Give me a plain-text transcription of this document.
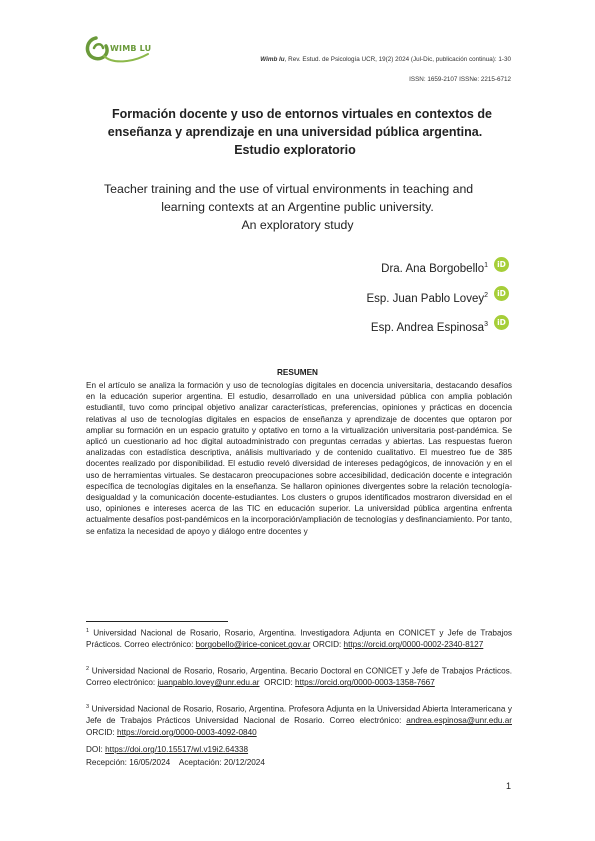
WIMB LU
Wimb lu, Rev. Estud. de Psicología UCR, 19(2) 2024 (Jul-Dic, publicación continua): 1-30
ISSN: 1659-2107 ISSNe: 2215-6712
Formación docente y uso de entornos virtuales en contextos de
enseñanza y aprendizaje en una universidad pública argentina.
Estudio exploratorio
Teacher training and the use of virtual environments in teaching and
learning contexts at an Argentine public university.
An exploratory study
Dra. Ana Borgobello$^1$	iD
Esp. Juan Pablo Lovey$^2$	iD
Esp. Andrea Espinosa$^3$	iD
RESUMEN

En el artículo se analiza la formación y uso de tecnologías digitales en docencia universitaria, destacando desafíos en la educación superior argentina. El estudio, desarrollado en una universidad pública con amplia población estudiantil, tuvo como principal objetivo analizar características, preferencias, opiniones y prácticas en docencia relativas al uso de tecnologías digitales en espacios de enseñanza y aprendizaje de docentes que optaron por ampliar su formación en un espacio gratuito y optativo en torno a la virtualización universitaria post-pandémica. Se aplicó un cuestionario ad hoc digital autoadministrado con preguntas cerradas y abiertas. Las respuestas fueron analizadas con estadística descriptiva, análisis multivariado y de contenido cualitativo. El muestreo fue de 385 docentes realizado por disponibilidad. El estudio reveló diversidad de intereses pedagógicos, de innovación y en el uso de herramientas virtuales. Se destacaron preocupaciones sobre accesibilidad, dedicación docente e integración específica de tecnologías digitales en la enseñanza. Se hallaron opiniones divergentes sobre la relación tecnología-desigualdad y la comunicación docente-estudiantes. Los clusters o grupos identificados mostraron diversidad en el uso, opiniones e intereses acerca de las TIC en educación superior. La universidad pública argentina enfrenta actualmente desafíos post-pandémicos en la incorporación/ampliación de tecnologías y desfinanciamiento. Por tanto, se enfatiza la necesidad de apoyo y diálogo entre docentes y

$^1$ Universidad Nacional de Rosario, Rosario, Argentina. Investigadora Adjunta en CONICET y Jefe de Trabajos Prácticos. Correo electrónico: borgobello@irice-conicet.gov.ar ORCID: https://orcid.org/0000-0002-2340-8127
$^2$ Universidad Nacional de Rosario, Rosario, Argentina. Becario Doctoral en CONICET y Jefe de Trabajos Prácticos. Correo electrónico: juanpablo.lovey@unr.edu.ar ORCID: https://orcid.org/0000-0003-1358-7667
$^3$ Universidad Nacional de Rosario, Rosario, Argentina. Profesora Adjunta en la Universidad Abierta Interamericana y Jefe de Trabajos Prácticos Universidad Nacional de Rosario. Correo electrónico: andrea.espinosa@unr.edu.ar ORCID: https://orcid.org/0000-0003-4092-0840
DOI: https://doi.org/10.15517/wl.v19i2.64338
Recepción: 16/05/2024 Aceptación: 20/12/2024
1
